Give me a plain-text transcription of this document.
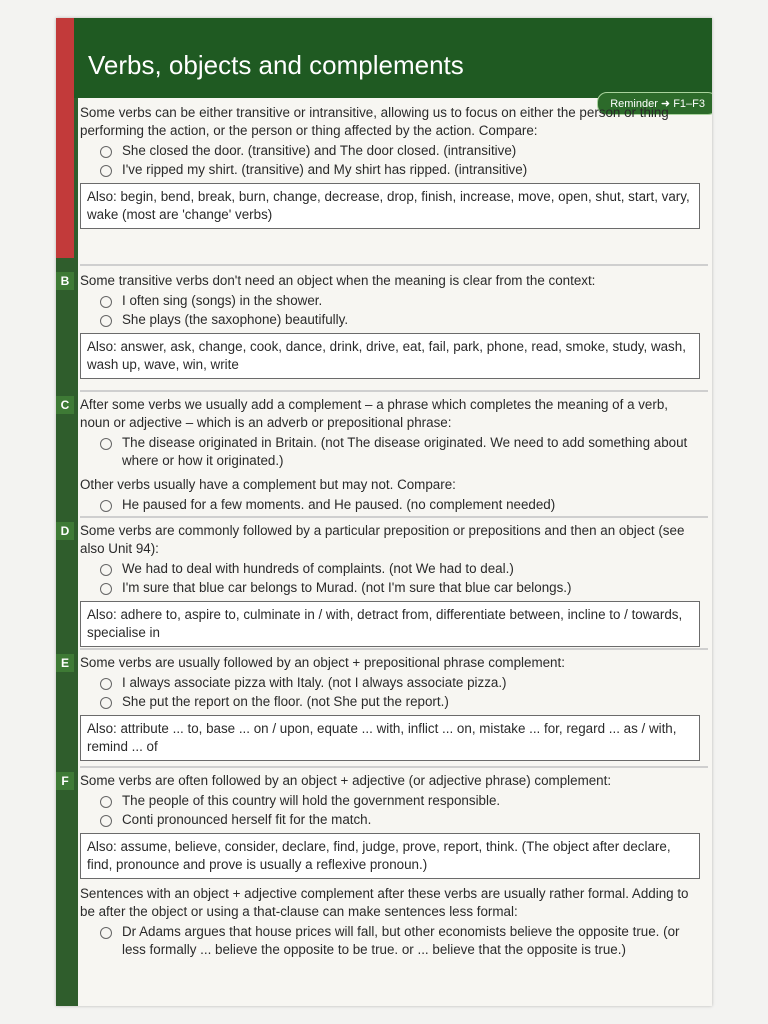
Verbs, objects and complements
Reminder ➜ F1–F3
Some verbs can be either transitive or intransitive, allowing us to focus on either the person or thing performing the action, or the person or thing affected by the action. Compare:
She closed the door. (transitive) and The door closed. (intransitive)
I've ripped my shirt. (transitive) and My shirt has ripped. (intransitive)
Also: begin, bend, break, burn, change, decrease, drop, finish, increase, move, open, shut, start, vary, wake (most are 'change' verbs)
B Some transitive verbs don't need an object when the meaning is clear from the context:
I often sing (songs) in the shower.
She plays (the saxophone) beautifully.
Also: answer, ask, change, cook, dance, drink, drive, eat, fail, park, phone, read, smoke, study, wash, wash up, wave, win, write
C After some verbs we usually add a complement – a phrase which completes the meaning of a verb, noun or adjective – which is an adverb or prepositional phrase:
The disease originated in Britain. (not The disease originated. We need to add something about where or how it originated.)
Other verbs usually have a complement but may not. Compare:
He paused for a few moments. and He paused. (no complement needed)
D Some verbs are commonly followed by a particular preposition or prepositions and then an object (see also Unit 94):
We had to deal with hundreds of complaints. (not We had to deal.)
I'm sure that blue car belongs to Murad. (not I'm sure that blue car belongs.)
Also: adhere to, aspire to, culminate in / with, detract from, differentiate between, incline to / towards, specialise in
E Some verbs are usually followed by an object + prepositional phrase complement:
I always associate pizza with Italy. (not I always associate pizza.)
She put the report on the floor. (not She put the report.)
Also: attribute ... to, base ... on / upon, equate ... with, inflict ... on, mistake ... for, regard ... as / with, remind ... of
F Some verbs are often followed by an object + adjective (or adjective phrase) complement:
The people of this country will hold the government responsible.
Conti pronounced herself fit for the match.
Also: assume, believe, consider, declare, find, judge, prove, report, think. (The object after declare, find, pronounce and prove is usually a reflexive pronoun.)
Sentences with an object + adjective complement after these verbs are usually rather formal. Adding to be after the object or using a that-clause can make sentences less formal:
Dr Adams argues that house prices will fall, but other economists believe the opposite true. (or less formally ... believe the opposite to be true. or ... believe that the opposite is true.)
